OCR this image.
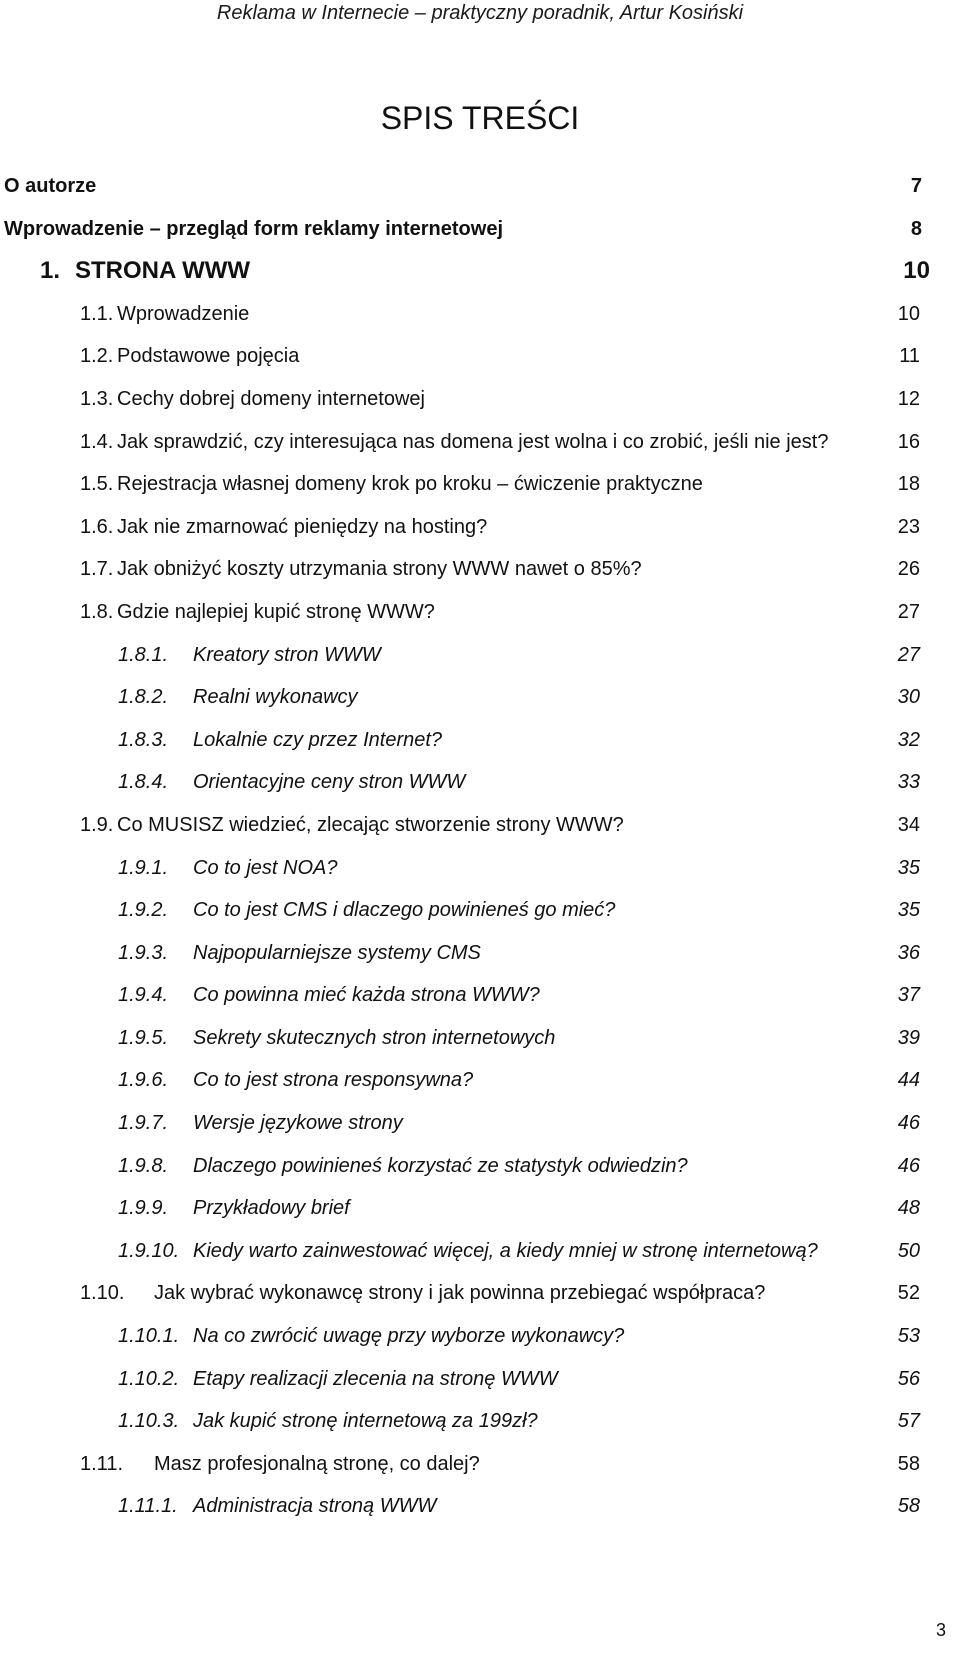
Reklama w Internecie – praktyczny poradnik, Artur Kosiński
SPIS TREŚCI
O autorze	7
Wprowadzenie – przegląd form reklamy internetowej	8
1. STRONA WWW	10
1.1. Wprowadzenie	10
1.2. Podstawowe pojęcia	11
1.3. Cechy dobrej domeny internetowej	12
1.4. Jak sprawdzić, czy interesująca nas domena jest wolna i co zrobić, jeśli nie jest?	16
1.5. Rejestracja własnej domeny krok po kroku – ćwiczenie praktyczne	18
1.6. Jak nie zmarnować pieniędzy na hosting?	23
1.7. Jak obniżyć koszty utrzymania strony WWW nawet o 85%?	26
1.8. Gdzie najlepiej kupić stronę WWW?	27
1.8.1. Kreatory stron WWW	27
1.8.2. Realni wykonawcy	30
1.8.3. Lokalnie czy przez Internet?	32
1.8.4. Orientacyjne ceny stron WWW	33
1.9. Co MUSISZ wiedzieć, zlecając stworzenie strony WWW?	34
1.9.1. Co to jest NOA?	35
1.9.2. Co to jest CMS i dlaczego powinieneś go mieć?	35
1.9.3. Najpopularniejsze systemy CMS	36
1.9.4. Co powinna mieć każda strona WWW?	37
1.9.5. Sekrety skutecznych stron internetowych	39
1.9.6. Co to jest strona responsywna?	44
1.9.7. Wersje językowe strony	46
1.9.8. Dlaczego powinieneś korzystać ze statystyk odwiedzin?	46
1.9.9. Przykładowy brief	48
1.9.10. Kiedy warto zainwestować więcej, a kiedy mniej w stronę internetową?	50
1.10. Jak wybrać wykonawcę strony i jak powinna przebiegać współpraca?	52
1.10.1. Na co zwrócić uwagę przy wyborze wykonawcy?	53
1.10.2. Etapy realizacji zlecenia na stronę WWW	56
1.10.3. Jak kupić stronę internetową za 199zł?	57
1.11. Masz profesjonalną stronę, co dalej?	58
1.11.1. Administracja stroną WWW	58
3
